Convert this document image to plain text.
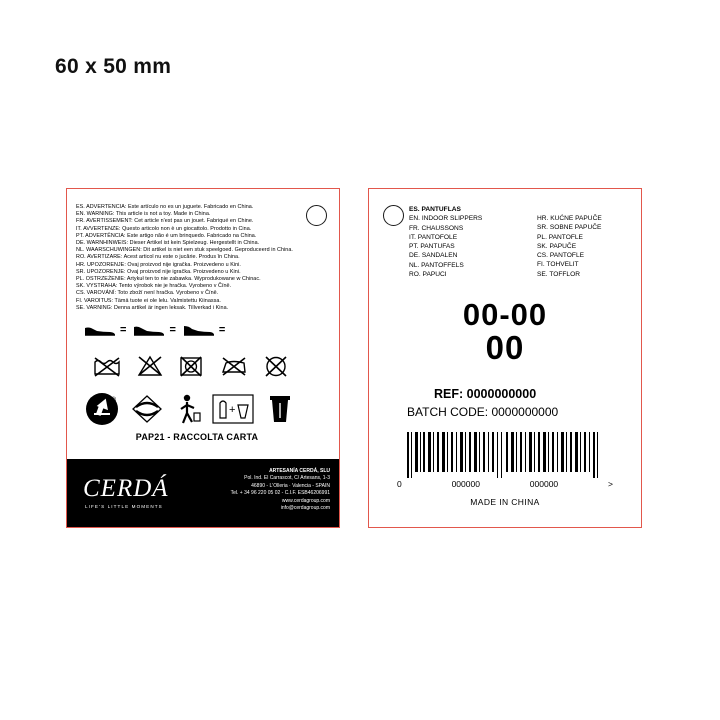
60 x 50 mm
ES. ADVERTENCIA: Este artículo no es un juguete. Fabricado en China.
EN. WARNING: This article is not a toy. Made in China.
FR. AVERTISSEMENT: Cet article n'est pas un jouet. Fabriqué en Chine.
IT. AVVERTENZE: Questo articolo non è un giocattolo. Prodotto in Cina.
PT. ADVERTÊNCIA: Este artigo não é um brinquedo. Fabricado na China.
DE. WARNHINWEIS: Dieser Artikel ist kein Spielzeug. Hergestellt in China.
NL. WAARSCHUWINGEN: Dit artikel is niet een stuk speelgoed. Geproduceerd in China.
RO. AVERTIZARE: Acest articol nu este o jucărie. Produs în China.
HR. UPOZORENJE: Ovaj proizvod nije igračka. Proizvedeno u Kini.
SR. UPOZORENJE: Ovaj proizvod nije igračka. Proizvedeno u Kini.
PL. OSTRZEŻENIE: Artykuł ten to nie zabawka. Wyprodukowane w Chinac.
SK. VYSTRAHA: Tento výrobok nie je hračka. Vyrobeno v Číně.
CS. VAROVÁNÍ: Toto zboží není hračka. Vyrobeno v Číně.
FI. VAROITUS: Tämä tuote ei ole lelu. Valmistettu Kiinassa.
SE. VARNING: Denna artikel är ingen leksak. Tillverkad i Kina.
=	=	=
®
+
PAP21 - RACCOLTA CARTA
CERDÁ
LIFE'S LITTLE MOMENTS
ARTESANÍA CERDÁ, SLU
Pol. Ind. El Carrascot, C/ Artesans, 1-3
46890 - L'Olleria · Valencia - SPAIN
Tel. + 34 96 220 05 02 - C.I.F. ESB46206991
www.cerdagroup.com
info@cerdagroup.com
ES. PANTUFLAS
EN. INDOOR SLIPPERS
FR. CHAUSSONS
IT. PANTOFOLE
PT. PANTUFAS
DE. SANDALEN
NL. PANTOFFELS
RO. PAPUCI
HR. KUĆNE PAPUČE
SR. SOBNE PAPUČE
PL. PANTOFLE
SK. PAPUČE
CS. PANTOFLE
FI. TOHVELIT
SE. TOFFLOR
00-00
00
REF: 0000000000
BATCH CODE: 0000000000
0	000000	000000	>
MADE IN CHINA
